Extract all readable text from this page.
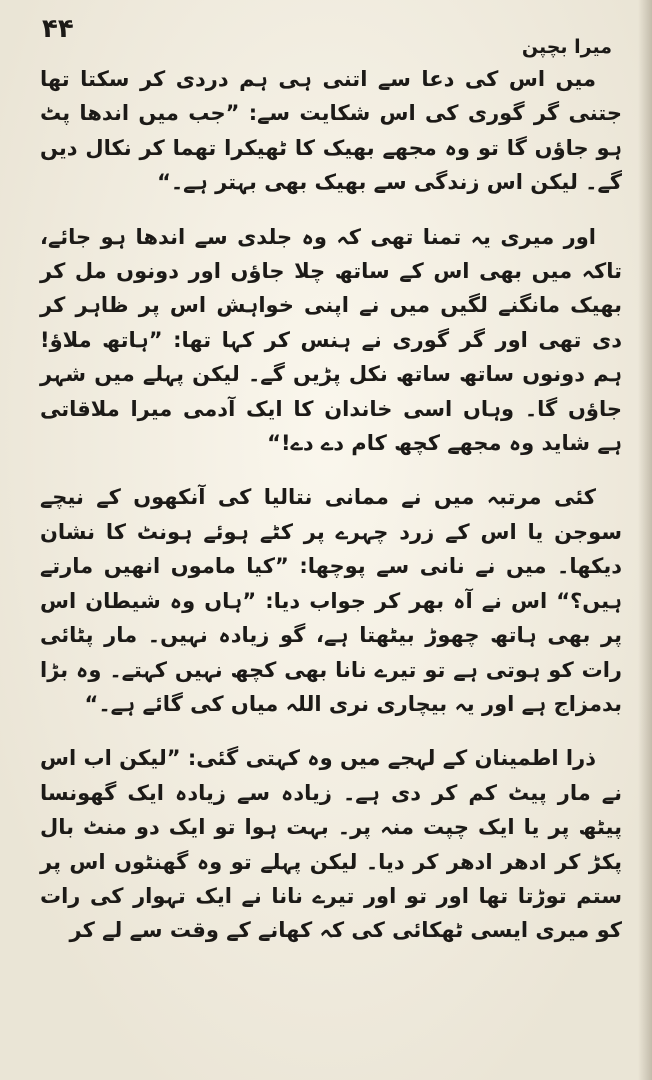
۴۴
میرا بچپن

میں اس کی دعا سے اتنی ہی ہم دردی کر سکتا تھا جتنی گر گوری کی اس شکایت سے: ”جب میں اندھا پٹ ہو جاؤں گا تو وہ مجھے بھیک کا ٹھیکرا تھما کر نکال دیں گے۔ لیکن اس زندگی سے بھیک بھی بہتر ہے۔“

اور میری یہ تمنا تھی کہ وہ جلدی سے اندھا ہو جائے، تاکہ میں بھی اس کے ساتھ چلا جاؤں اور دونوں مل کر بھیک مانگنے لگیں میں نے اپنی خواہش اس پر ظاہر کر دی تھی اور گر گوری نے ہنس کر کہا تھا: ”ہاتھ ملاؤ! ہم دونوں ساتھ ساتھ نکل پڑیں گے۔ لیکن پہلے میں شہر جاؤں گا۔ وہاں اسی خاندان کا ایک آدمی میرا ملاقاتی ہے شاید وہ مجھے کچھ کام دے دے!“

کئی مرتبہ میں نے ممانی نتالیا کی آنکھوں کے نیچے سوجن یا اس کے زرد چہرے پر کٹے ہوئے ہونٹ کا نشان دیکھا۔ میں نے نانی سے پوچھا: ”کیا ماموں انھیں مارتے ہیں؟“ اس نے آہ بھر کر جواب دیا: ”ہاں وہ شیطان اس پر بھی ہاتھ چھوڑ بیٹھتا ہے، گو زیادہ نہیں۔ مار پٹائی رات کو ہوتی ہے تو تیرے نانا بھی کچھ نہیں کہتے۔ وہ بڑا بدمزاج ہے اور یہ بیچاری نری اللہ میاں کی گائے ہے۔“

ذرا اطمینان کے لہجے میں وہ کہتی گئی: ”لیکن اب اس نے مار پیٹ کم کر دی ہے۔ زیادہ سے زیادہ ایک گھونسا پیٹھ پر یا ایک چپت منہ پر۔ بہت ہوا تو ایک دو منٹ بال پکڑ کر ادھر ادھر کر دیا۔ لیکن پہلے تو وہ گھنٹوں اس پر ستم توڑتا تھا اور تو اور تیرے نانا نے ایک تہوار کی رات کو میری ایسی ٹھکائی کی کہ کھانے کے وقت سے لے کر
